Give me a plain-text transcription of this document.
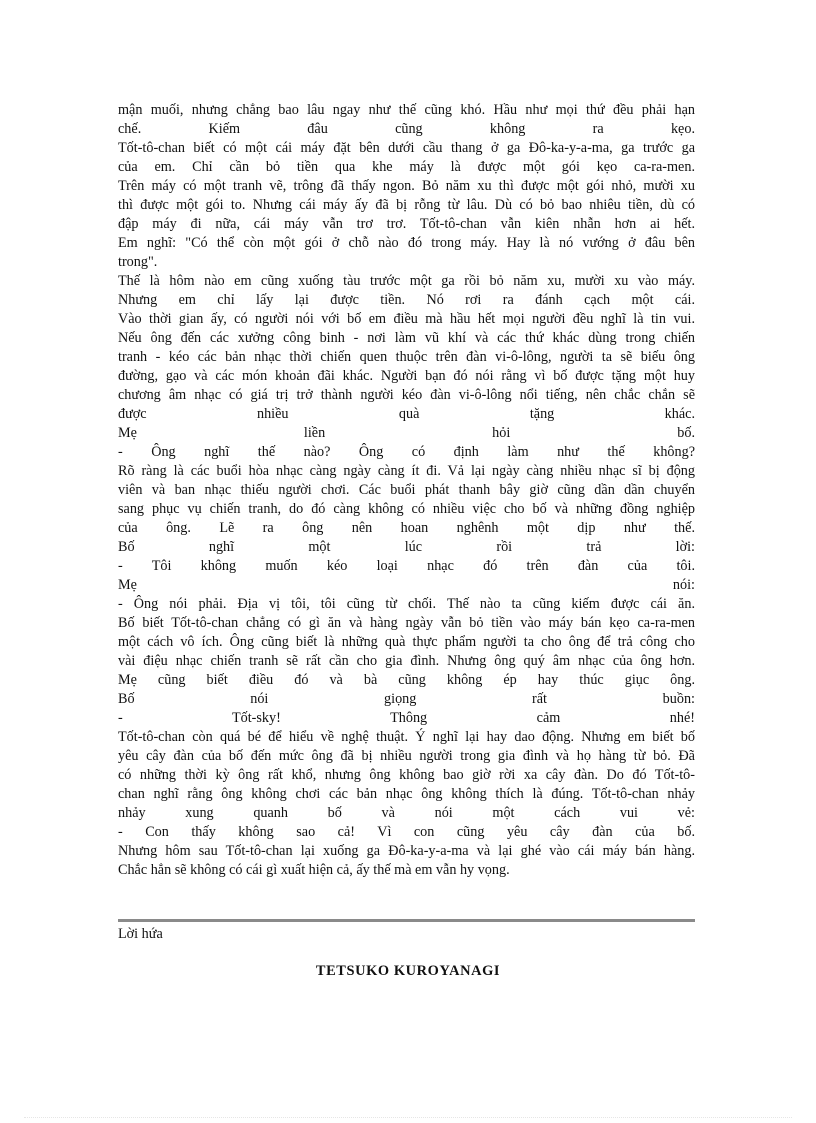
mận muối, nhưng chẳng bao lâu ngay như thế cũng khó. Hầu như mọi thứ đều phải hạn
chế. Kiếm đâu cũng không ra kẹo.
Tốt-tô-chan biết có một cái máy đặt bên dưới cầu thang ở ga Đô-ka-y-a-ma, ga trước ga
của em. Chỉ cần bỏ tiền qua khe máy là được một gói kẹo ca-ra-men.
Trên máy có một tranh vẽ, trông đã thấy ngon. Bỏ năm xu thì được một gói nhỏ, mười xu
thì được một gói to. Nhưng cái máy ấy đã bị rỗng từ lâu. Dù có bỏ bao nhiêu tiền, dù có
đập máy đi nữa, cái máy vẫn trơ trơ. Tốt-tô-chan vẫn kiên nhẫn hơn ai hết.
Em nghĩ: "Có thể còn một gói ở chỗ nào đó trong máy. Hay là nó vướng ở đâu bên
trong".
Thế là hôm nào em cũng xuống tàu trước một ga rồi bỏ năm xu, mười xu vào máy.
Nhưng em chỉ lấy lại được tiền. Nó rơi ra đánh cạch một cái.
Vào thời gian ấy, có người nói với bố em điều mà hầu hết mọi người đều nghĩ là tin vui.
Nếu ông đến các xưởng công binh - nơi làm vũ khí và các thứ khác dùng trong chiến
tranh - kéo các bản nhạc thời chiến quen thuộc trên đàn vi-ô-lông, người ta sẽ biếu ông
đường, gạo và các món khoản đãi khác. Người bạn đó nói rằng vì bố được tặng một huy
chương âm nhạc có giá trị trở thành người kéo đàn vi-ô-lông nổi tiếng, nên chắc chắn sẽ
được nhiều quà tặng khác.
Mẹ liền hỏi bố.
- Ông nghĩ thế nào? Ông có định làm như thế không?
Rõ ràng là các buổi hòa nhạc càng ngày càng ít đi. Vả lại ngày càng nhiều nhạc sĩ bị động
viên và ban nhạc thiếu người chơi. Các buổi phát thanh bây giờ cũng dần dần chuyển
sang phục vụ chiến tranh, do đó càng không có nhiều việc cho bố và những đồng nghiệp
của ông. Lẽ ra ông nên hoan nghênh một dịp như thế.
Bố nghĩ một lúc rồi trả lời:
- Tôi không muốn kéo loại nhạc đó trên đàn của tôi.
Mẹ nói:
- Ông nói phải. Địa vị tôi, tôi cũng từ chối. Thế nào ta cũng kiếm được cái ăn.
Bố biết Tốt-tô-chan chẳng có gì ăn và hàng ngày vẫn bỏ tiền vào máy bán kẹo ca-ra-men
một cách vô ích. Ông cũng biết là những quà thực phẩm người ta cho ông để trả công cho
vài điệu nhạc chiến tranh sẽ rất cần cho gia đình. Nhưng ông quý âm nhạc của ông hơn.
Mẹ cũng biết điều đó và bà cũng không ép hay thúc giục ông.
Bố nói giọng rất buồn:
- Tốt-sky! Thông cảm nhé!
Tốt-tô-chan còn quá bé để hiểu về nghệ thuật. Ý nghĩ lại hay dao động. Nhưng em biết bố
yêu cây đàn của bố đến mức ông đã bị nhiều người trong gia đình và họ hàng từ bỏ. Đã
có những thời kỳ ông rất khổ, nhưng ông không bao giờ rời xa cây đàn. Do đó Tốt-tô-
chan nghĩ rằng ông không chơi các bản nhạc ông không thích là đúng. Tốt-tô-chan nhảy
nhảy xung quanh bố và nói một cách vui vẻ:
- Con thấy không sao cả! Vì con cũng yêu cây đàn của bố.
Nhưng hôm sau Tốt-tô-chan lại xuống ga Đô-ka-y-a-ma và lại ghé vào cái máy bán hàng.
Chắc hẳn sẽ không có cái gì xuất hiện cả, ấy thế mà em vẫn hy vọng.
Lời hứa
TETSUKO KUROYANAGI
